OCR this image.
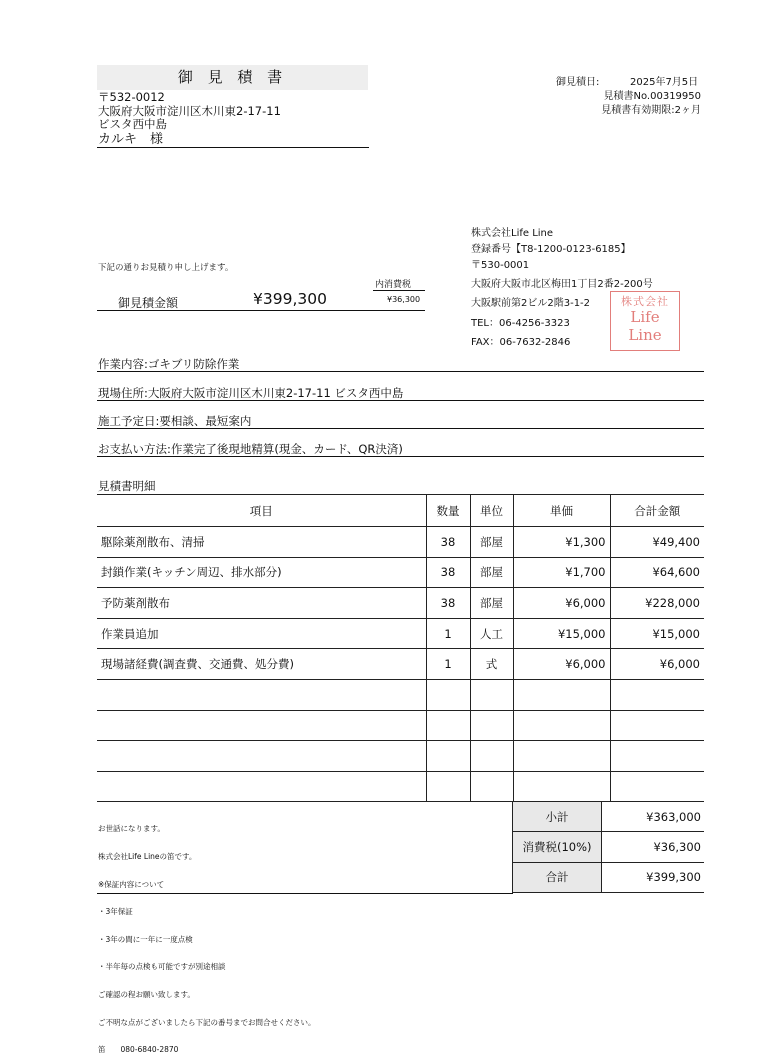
御 見 積 書
〒532-0012
大阪府大阪市淀川区木川東2-17-11
ビスタ西中島
カルキ　様
御見積日:	2025年7月5日
見積書No.00319950
見積書有効期限:2ヶ月
株式会社Life Line
登録番号【T8-1200-0123-6185】
〒530-0001
大阪府大阪市北区梅田1丁目2番2-200号
大阪駅前第2ビル2階3-1-2
TEL：06-4256-3323
FAX：06-7632-2846
株式会社
Life
Line
下記の通りお見積り申し上げます。
内消費税
御見積金額	¥399,300	¥36,300
作業内容:ゴキブリ防除作業
現場住所:大阪府大阪市淀川区木川東2-17-11 ビスタ西中島
施工予定日:要相談、最短案内
お支払い方法:作業完了後現地精算(現金、カード、QR決済)
見積書明細
項目	数量	単位	単価	合計金額
駆除薬剤散布、清掃	38	部屋	¥1,300	¥49,400
封鎖作業(キッチン周辺、排水部分)	38	部屋	¥1,700	¥64,600
予防薬剤散布	38	部屋	¥6,000	¥228,000
作業員追加	1	人工	¥15,000	¥15,000
現場諸経費(調査費、交通費、処分費)	1	式	¥6,000	¥6,000

お世話になります。

株式会社Life Lineの笛です。

※保証内容について

・3年保証

・3年の間に一年に一度点検

・半年毎の点検も可能ですが別途相談

ご確認の程お願い致します。

ご不明な点がございましたら下記の番号までお問合せください。

笛　　080-6840-2870

小計	¥363,000
消費税(10%)	¥36,300
合計	¥399,300
